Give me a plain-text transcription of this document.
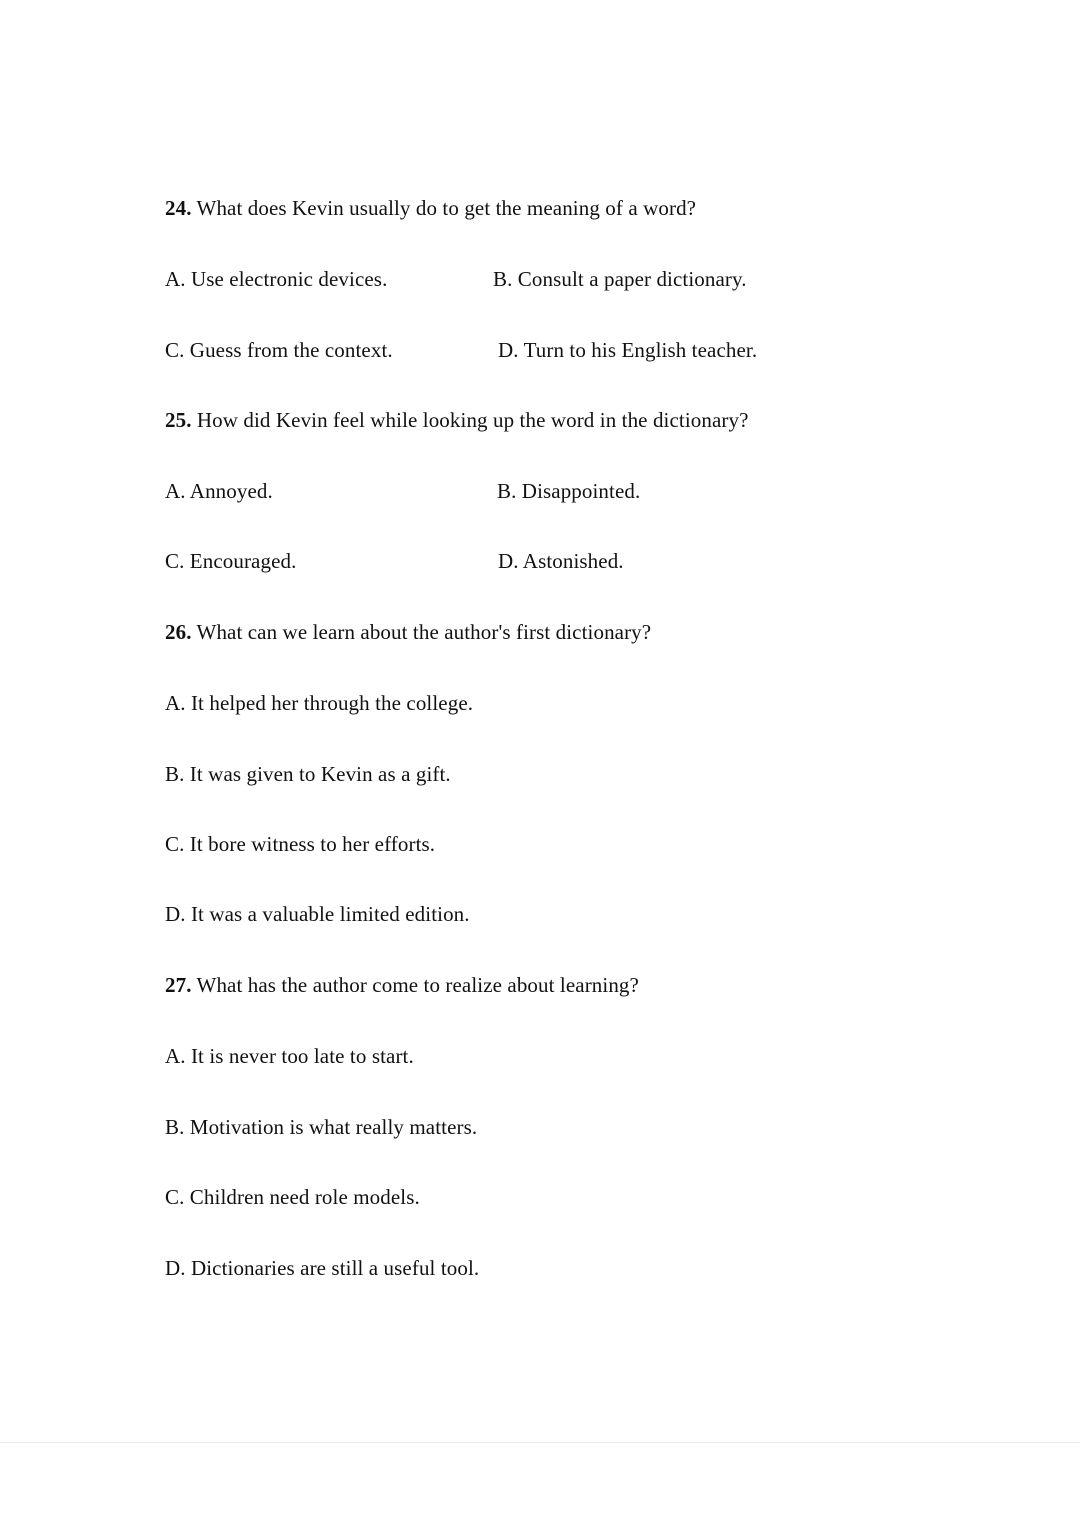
24. What does Kevin usually do to get the meaning of a word?
A. Use electronic devices.	B. Consult a paper dictionary.
C. Guess from the context.	D. Turn to his English teacher.
25. How did Kevin feel while looking up the word in the dictionary?
A. Annoyed.	B. Disappointed.
C. Encouraged.	D. Astonished.
26. What can we learn about the author's first dictionary?
A. It helped her through the college.
B. It was given to Kevin as a gift.
C. It bore witness to her efforts.
D. It was a valuable limited edition.
27. What has the author come to realize about learning?
A. It is never too late to start.
B. Motivation is what really matters.
C. Children need role models.
D. Dictionaries are still a useful tool.
